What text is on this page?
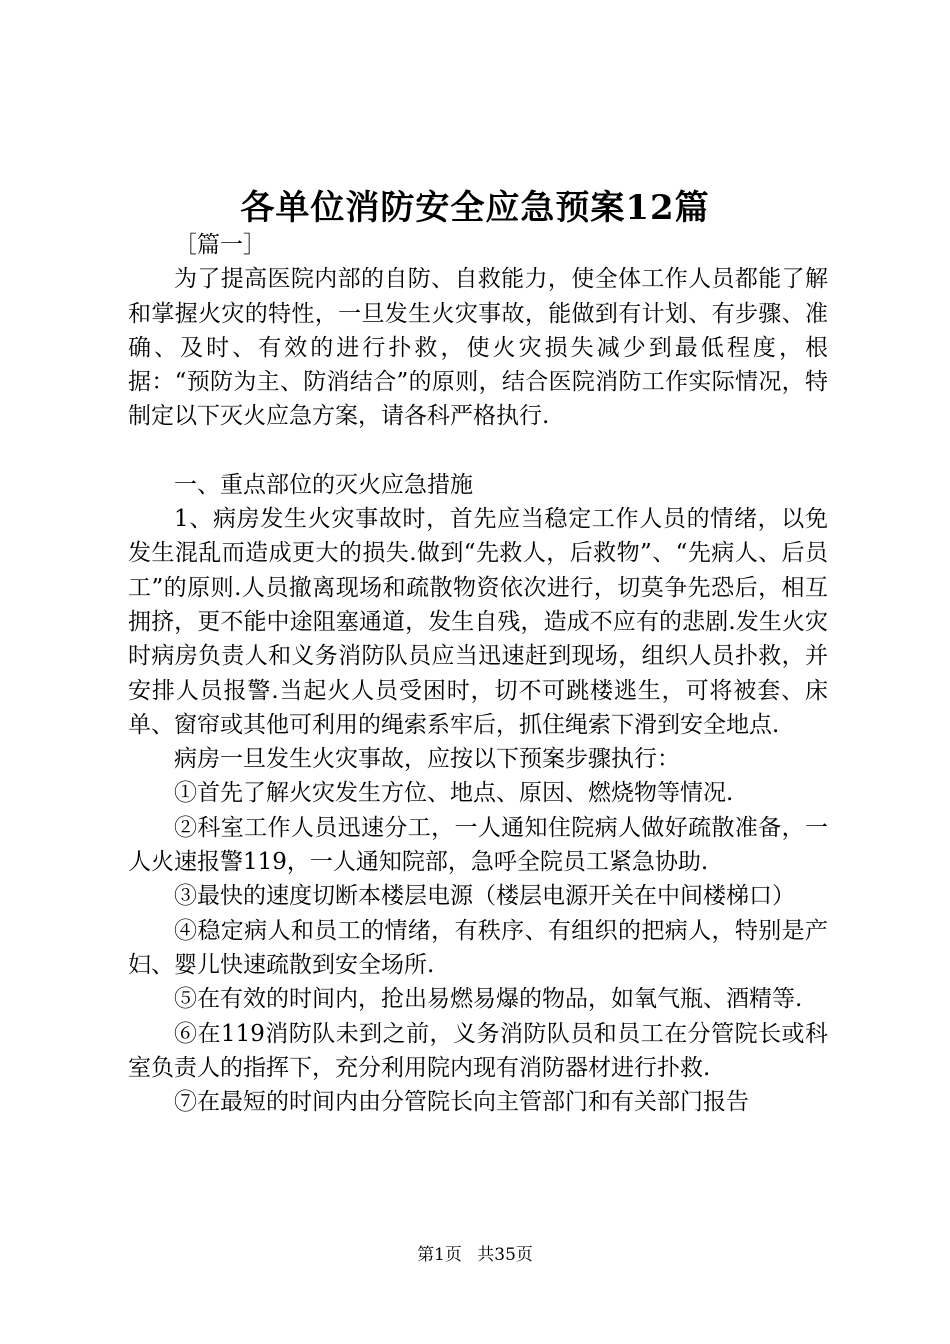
各单位消防安全应急预案12篇

［篇一］

为了提高医院内部的自防、自救能力，使全体工作人员都能了解和掌握火灾的特性，一旦发生火灾事故，能做到有计划、有步骤、准确、及时、有效的进行扑救，使火灾损失减少到最低程度，根据：“预防为主、防消结合”的原则，结合医院消防工作实际情况，特制定以下灭火应急方案，请各科严格执行.

一、重点部位的灭火应急措施

1、病房发生火灾事故时，首先应当稳定工作人员的情绪，以免发生混乱而造成更大的损失.做到“先救人，后救物”、“先病人、后员工”的原则.人员撤离现场和疏散物资依次进行，切莫争先恐后，相互拥挤，更不能中途阻塞通道，发生自残，造成不应有的悲剧.发生火灾时病房负责人和义务消防队员应当迅速赶到现场，组织人员扑救，并安排人员报警.当起火人员受困时，切不可跳楼逃生，可将被套、床单、窗帘或其他可利用的绳索系牢后，抓住绳索下滑到安全地点.

病房一旦发生火灾事故，应按以下预案步骤执行：

①首先了解火灾发生方位、地点、原因、燃烧物等情况.

②科室工作人员迅速分工，一人通知住院病人做好疏散准备，一人火速报警119，一人通知院部，急呼全院员工紧急协助.

③最快的速度切断本楼层电源（楼层电源开关在中间楼梯口）

④稳定病人和员工的情绪，有秩序、有组织的把病人，特别是产妇、婴儿快速疏散到安全场所.

⑤在有效的时间内，抢出易燃易爆的物品，如氧气瓶、酒精等.

⑥在119消防队未到之前，义务消防队员和员工在分管院长或科室负责人的指挥下，充分利用院内现有消防器材进行扑救.

⑦在最短的时间内由分管院长向主管部门和有关部门报告

第1页 共35页
